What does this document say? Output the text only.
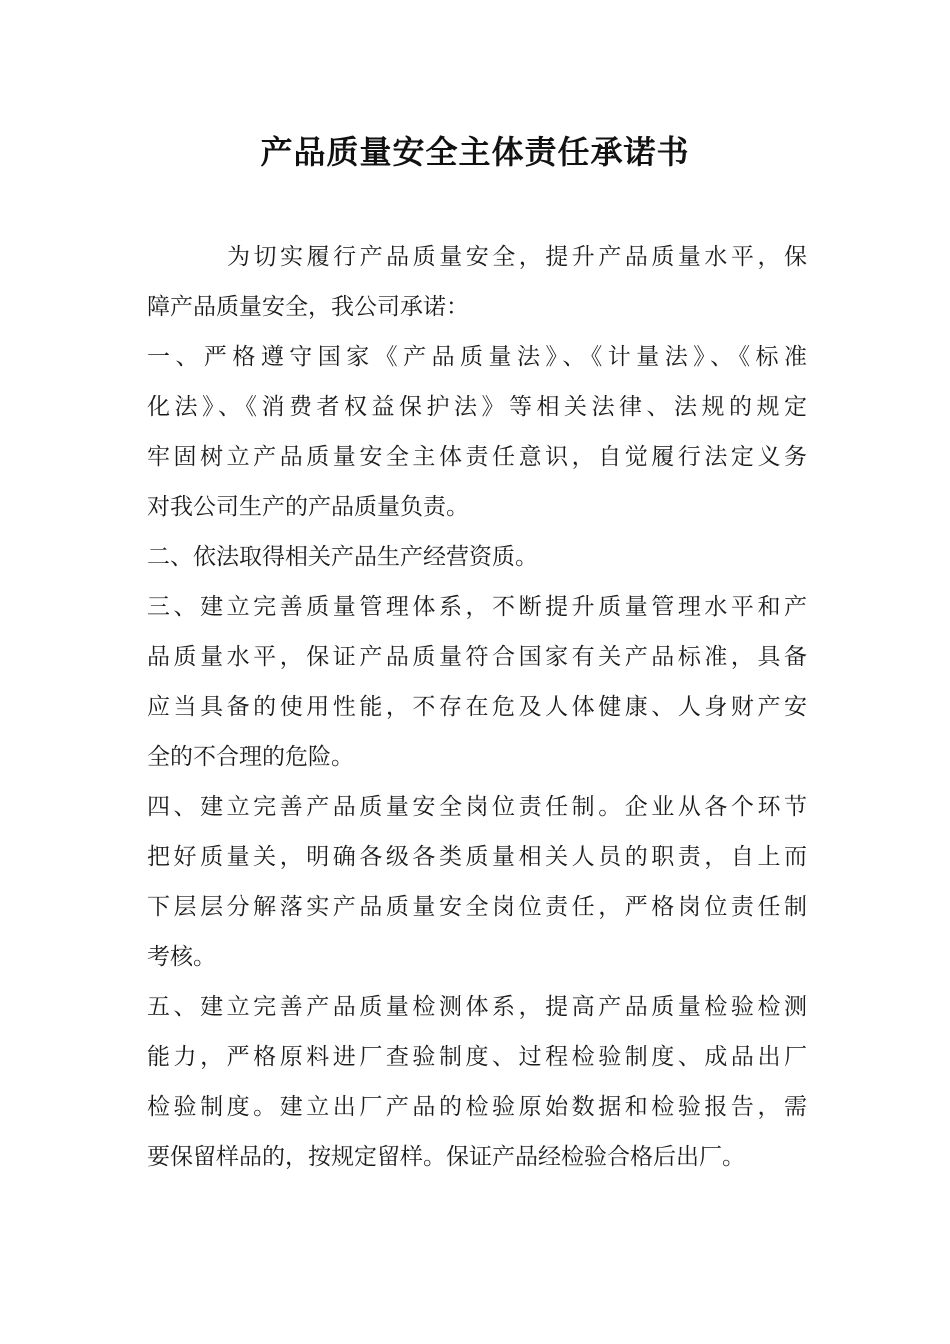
产品质量安全主体责任承诺书
为切实履行产品质量安全，提升产品质量水平，保
障产品质量安全，我公司承诺：
一、严格遵守国家《产品质量法》、《计量法》、《标准
化法》、《消费者权益保护法》等相关法律、法规的规定
牢固树立产品质量安全主体责任意识，自觉履行法定义务
对我公司生产的产品质量负责。
二、依法取得相关产品生产经营资质。
三、建立完善质量管理体系，不断提升质量管理水平和产
品质量水平，保证产品质量符合国家有关产品标准，具备
应当具备的使用性能，不存在危及人体健康、人身财产安
全的不合理的危险。
四、建立完善产品质量安全岗位责任制。企业从各个环节
把好质量关，明确各级各类质量相关人员的职责，自上而
下层层分解落实产品质量安全岗位责任，严格岗位责任制
考核。
五、建立完善产品质量检测体系，提高产品质量检验检测
能力，严格原料进厂查验制度、过程检验制度、成品出厂
检验制度。建立出厂产品的检验原始数据和检验报告，需
要保留样品的，按规定留样。保证产品经检验合格后出厂。
